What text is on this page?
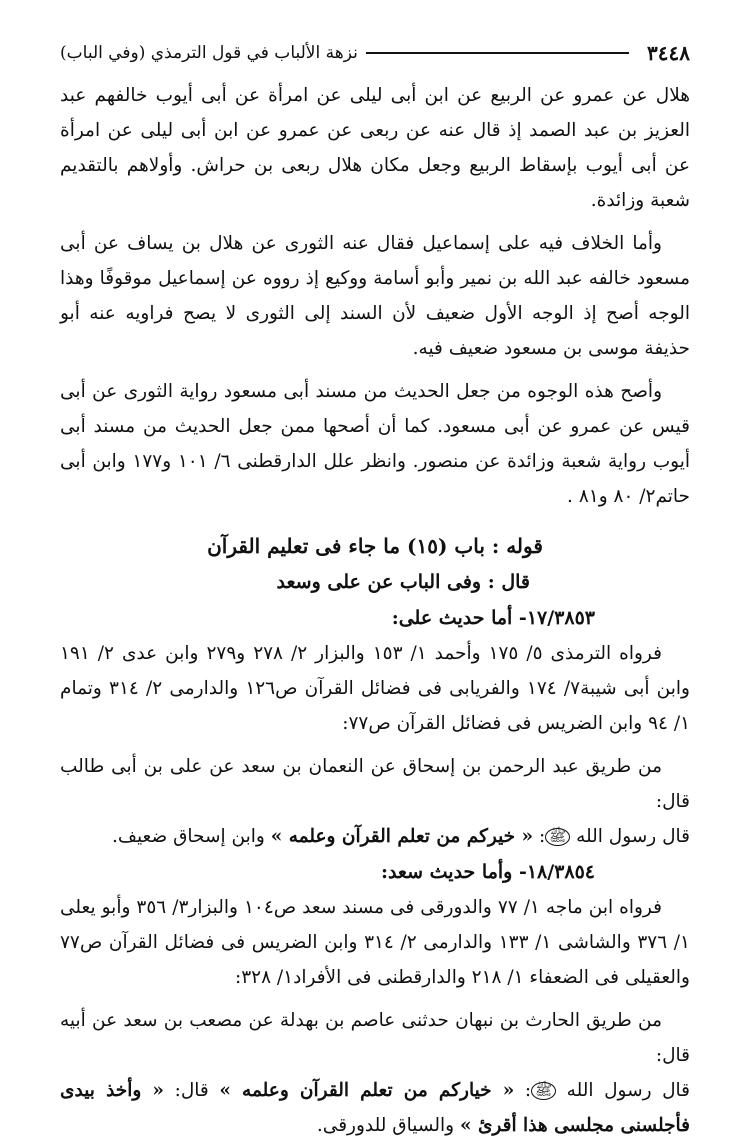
٣٤٤٨
نزهة الألباب في قول الترمذي (وفي الباب)

هلال عن عمرو عن الربيع عن ابن أبى ليلى عن امرأة عن أبى أيوب خالفهم عبد العزيز بن عبد الصمد إذ قال عنه عن ربعى عن عمرو عن ابن أبى ليلى عن امرأة عن أبى أيوب بإسقاط الربيع وجعل مكان هلال ربعى بن حراش. وأولاهم بالتقديم شعبة وزائدة.

وأما الخلاف فيه على إسماعيل فقال عنه الثورى عن هلال بن يساف عن أبى مسعود خالفه عبد الله بن نمير وأبو أسامة ووكيع إذ رووه عن إسماعيل موقوفًا وهذا الوجه أصح إذ الوجه الأول ضعيف لأن السند إلى الثورى لا يصح فراويه عنه أبو حذيفة موسى بن مسعود ضعيف فيه.

وأصح هذه الوجوه من جعل الحديث من مسند أبى مسعود رواية الثورى عن أبى قيس عن عمرو عن أبى مسعود. كما أن أصحها ممن جعل الحديث من مسند أبى أيوب رواية شعبة وزائدة عن منصور. وانظر علل الدارقطنى ٦/ ١٠١ و١٧٧ وابن أبى حاتم٢/ ٨٠ و٨١ .

قوله : باب (١٥) ما جاء فى تعليم القرآن

قال : وفى الباب عن على وسعد

١٧/٣٨٥٣- أما حديث على:

فرواه الترمذى ٥/ ١٧٥ وأحمد ١/ ١٥٣ والبزار ٢/ ٢٧٨ و٢٧٩ وابن عدى ٢/ ١٩١ وابن أبى شيبة٧/ ١٧٤ والفريابى فى فضائل القرآن ص١٢٦ والدارمى ٢/ ٣١٤ وتمام ١/ ٩٤ وابن الضريس فى فضائل القرآن ص٧٧:

من طريق عبد الرحمن بن إسحاق عن النعمان بن سعد عن على بن أبى طالب قال:

قال رسول الله ﷺ: « خيركم من تعلم القرآن وعلمه » وابن إسحاق ضعيف.

١٨/٣٨٥٤- وأما حديث سعد:

فرواه ابن ماجه ١/ ٧٧ والدورقى فى مسند سعد ص١٠٤ والبزار٣/ ٣٥٦ وأبو يعلى ١/ ٣٧٦ والشاشى ١/ ١٣٣ والدارمى ٢/ ٣١٤ وابن الضريس فى فضائل القرآن ص٧٧ والعقيلى فى الضعفاء ١/ ٢١٨ والدارقطنى فى الأفراد١/ ٣٢٨:

من طريق الحارث بن نبهان حدثنى عاصم بن بهدلة عن مصعب بن سعد عن أبيه قال:

قال رسول الله ﷺ: « خياركم من تعلم القرآن وعلمه » قال: « وأخذ بيدى فأجلسنى مجلسى هذا أقرئ » والسياق للدورقى.
